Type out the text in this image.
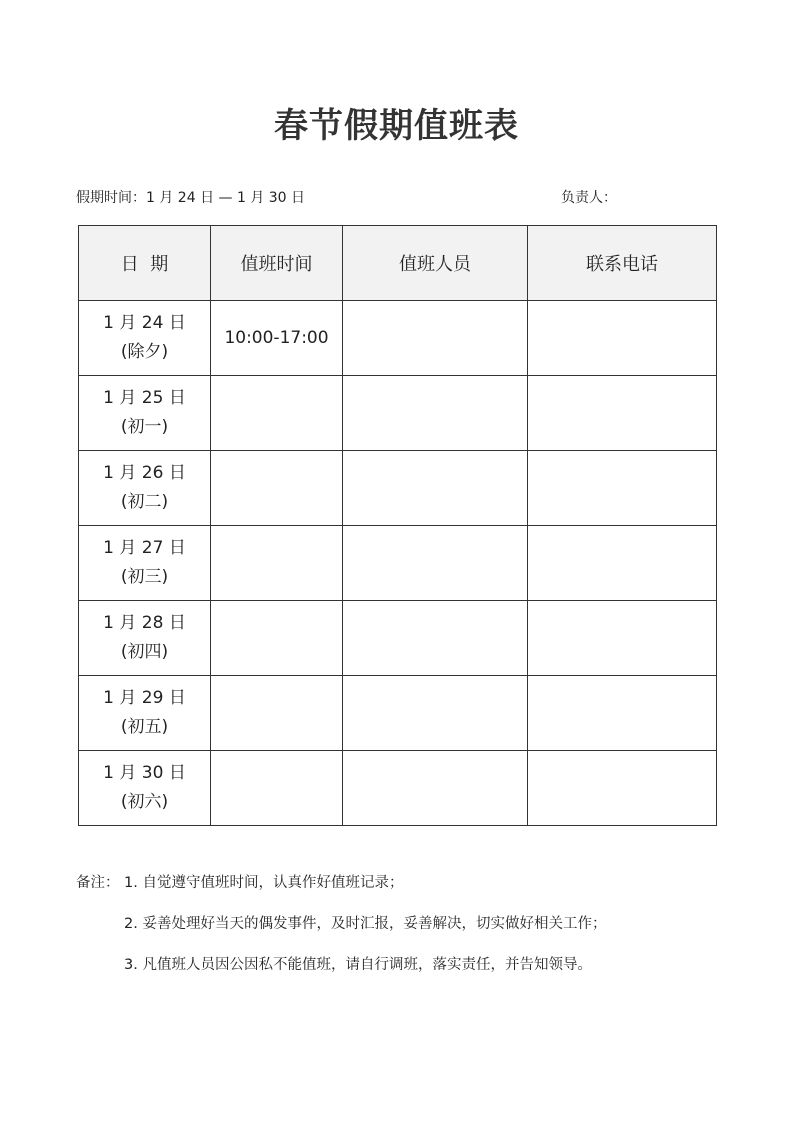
春节假期值班表
假期时间：1 月 24 日 — 1 月 30 日	负责人：
日  期	值班时间	值班人员	联系电话

1 月 24 日
(除夕)	10:00-17:00		

1 月 25 日
(初一)			

1 月 26 日
(初二)			

1 月 27 日
(初三)			

1 月 28 日
(初四)			

1 月 29 日
(初五)			

1 月 30 日
(初六)			

备注： 1. 自觉遵守值班时间，认真作好值班记录；
2. 妥善处理好当天的偶发事件，及时汇报，妥善解决，切实做好相关工作；
3. 凡值班人员因公因私不能值班，请自行调班，落实责任，并告知领导。
